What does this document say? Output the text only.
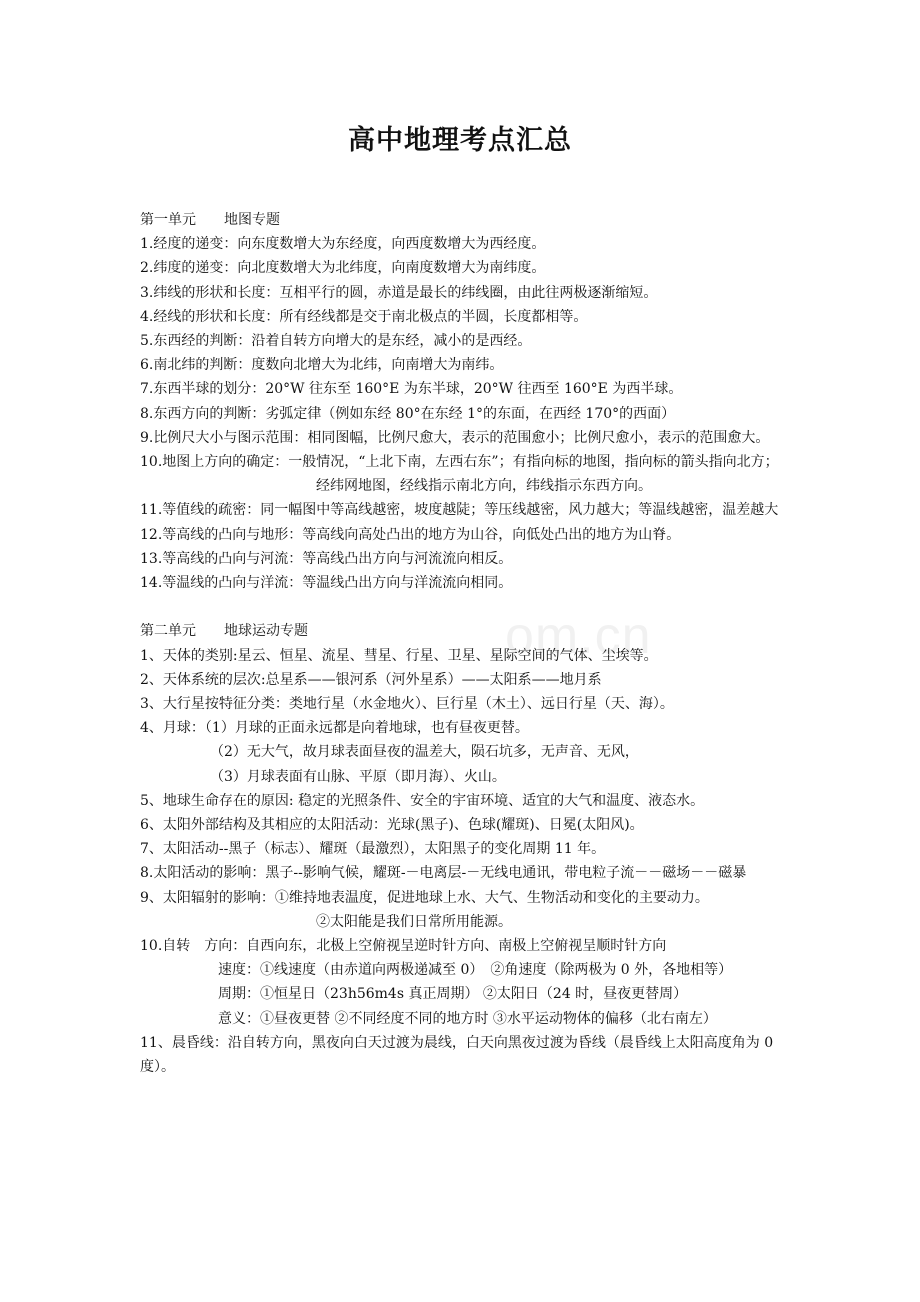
高中地理考点汇总
om.cn

第一单元　　地图专题

1.经度的递变：向东度数增大为东经度，向西度数增大为西经度。

2.纬度的递变：向北度数增大为北纬度，向南度数增大为南纬度。

3.纬线的形状和长度：互相平行的圆，赤道是最长的纬线圈，由此往两极逐渐缩短。

4.经线的形状和长度：所有经线都是交于南北极点的半圆，长度都相等。

5.东西经的判断：沿着自转方向增大的是东经，减小的是西经。

6.南北纬的判断：度数向北增大为北纬，向南增大为南纬。

7.东西半球的划分：20°W 往东至 160°E 为东半球，20°W 往西至 160°E 为西半球。

8.东西方向的判断：劣弧定律（例如东经 80°在东经 1°的东面，在西经 170°的西面）

9.比例尺大小与图示范围：相同图幅，比例尺愈大，表示的范围愈小；比例尺愈小，表示的范围愈大。

10.地图上方向的确定：一般情况，“上北下南，左西右东”；有指向标的地图，指向标的箭头指向北方；

经纬网地图，经线指示南北方向，纬线指示东西方向。

11.等值线的疏密：同一幅图中等高线越密，坡度越陡；等压线越密，风力越大；等温线越密，温差越大

12.等高线的凸向与地形：等高线向高处凸出的地方为山谷，向低处凸出的地方为山脊。

13.等高线的凸向与河流：等高线凸出方向与河流流向相反。

14.等温线的凸向与洋流：等温线凸出方向与洋流流向相同。

第二单元　　地球运动专题

1、天体的类别:星云、恒星、流星、彗星、行星、卫星、星际空间的气体、尘埃等。

2、天体系统的层次:总星系——银河系（河外星系）——太阳系——地月系

3、大行星按特征分类：类地行星（水金地火）、巨行星（木土）、远日行星（天、海）。

4、月球：（1）月球的正面永远都是向着地球，也有昼夜更替。

（2）无大气，故月球表面昼夜的温差大，陨石坑多，无声音、无风，

（3）月球表面有山脉、平原（即月海）、火山。

5、地球生命存在的原因: 稳定的光照条件、安全的宇宙环境、适宜的大气和温度、液态水。

6、太阳外部结构及其相应的太阳活动：光球(黑子)、色球(耀斑)、日冕(太阳风)。

7、太阳活动--黑子（标志）、耀斑（最激烈），太阳黑子的变化周期 11 年。

8.太阳活动的影响：黑子--影响气候，耀斑-－电离层-－无线电通讯，带电粒子流－－磁场－－磁暴

9、太阳辐射的影响：①维持地表温度，促进地球上水、大气、生物活动和变化的主要动力。

②太阳能是我们日常所用能源。

10.自转　方向：自西向东，北极上空俯视呈逆时针方向、南极上空俯视呈顺时针方向

速度：①线速度（由赤道向两极递减至 0）　②角速度（除两极为 0 外，各地相等）

周期：①恒星日（23h56m4s 真正周期） ②太阳日（24 时，昼夜更替周）

意义：①昼夜更替 ②不同经度不同的地方时 ③水平运动物体的偏移（北右南左）

11、晨昏线：沿自转方向，黑夜向白天过渡为晨线，白天向黑夜过渡为昏线（晨昏线上太阳高度角为 0 度）。
